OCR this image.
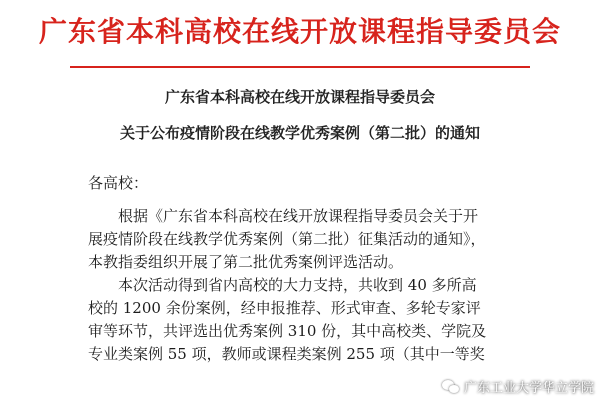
广东省本科高校在线开放课程指导委员会
广东省本科高校在线开放课程指导委员会
关于公布疫情阶段在线教学优秀案例（第二批）的通知
各高校：

　　根据《广东省本科高校在线开放课程指导委员会关于开
展疫情阶段在线教学优秀案例（第二批）征集活动的通知》，
本教指委组织开展了第二批优秀案例评选活动。

　　本次活动得到省内高校的大力支持，共收到 40 多所高
校的 1200 余份案例，经申报推荐、形式审查、多轮专家评
审等环节，共评选出优秀案例 310 份，其中高校类、学院及
专业类案例 55 项，教师或课程类案例 255 项（其中一等奖

广东工业大学华立学院
